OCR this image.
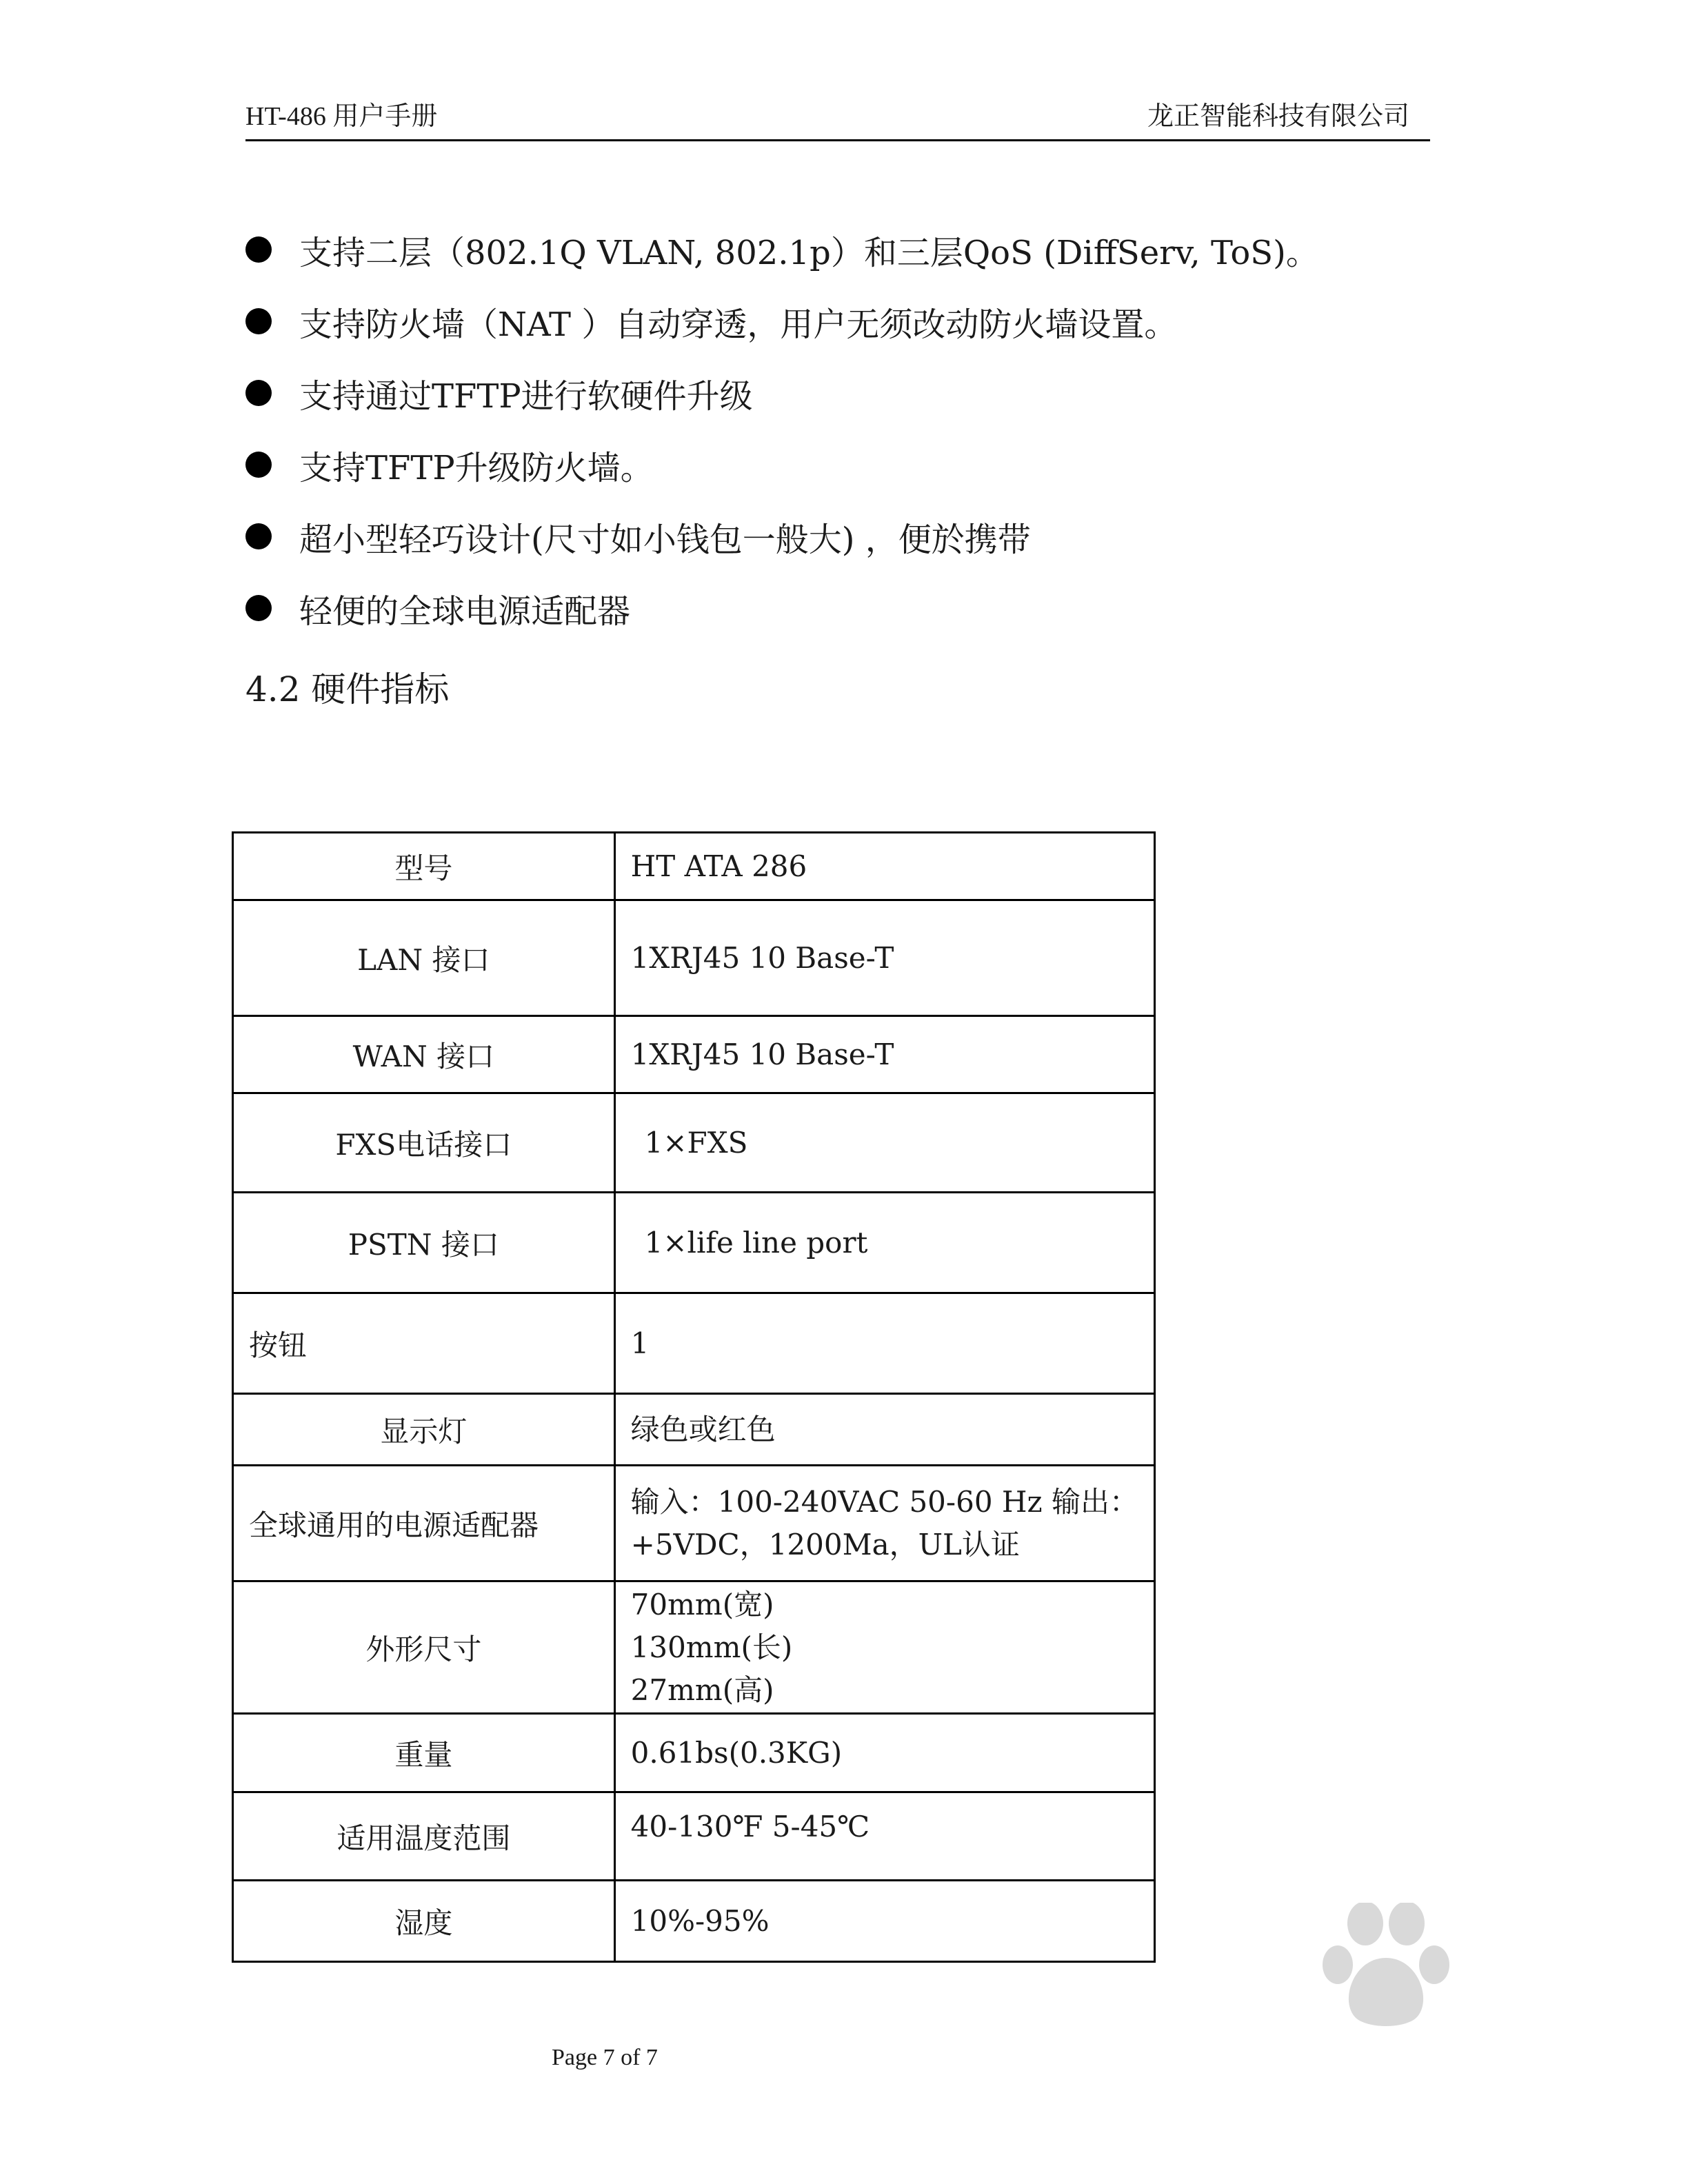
HT-486 用户手册	龙正智能科技有限公司
支持二层（802.1Q VLAN, 802.1p）和三层QoS (DiffServ, ToS)。
支持防火墙（NAT ）自动穿透，用户无须改动防火墙设置。
支持通过TFTP进行软硬件升级
支持TFTP升级防火墙。
超小型轻巧设计(尺寸如小钱包一般大) ，便於携带
轻便的全球电源适配器
4.2 硬件指标
型号	HT ATA 286

LAN 接口	1XRJ45 10 Base-T

WAN 接口	1XRJ45 10 Base-T

FXS电话接口	1×FXS

PSTN 接口	1×life line port

按钮	1

显示灯	绿色或红色

全球通用的电源适配器	输入：100-240VAC 50-60 Hz 输出：
+5VDC，1200Ma，UL认证

外形尺寸	70mm(宽)
130mm(长)
27mm(高)

重量	0.61bs(0.3KG)

适用温度范围	40-130℉ 5-45℃

湿度	10%-95%
Page 7 of 7
